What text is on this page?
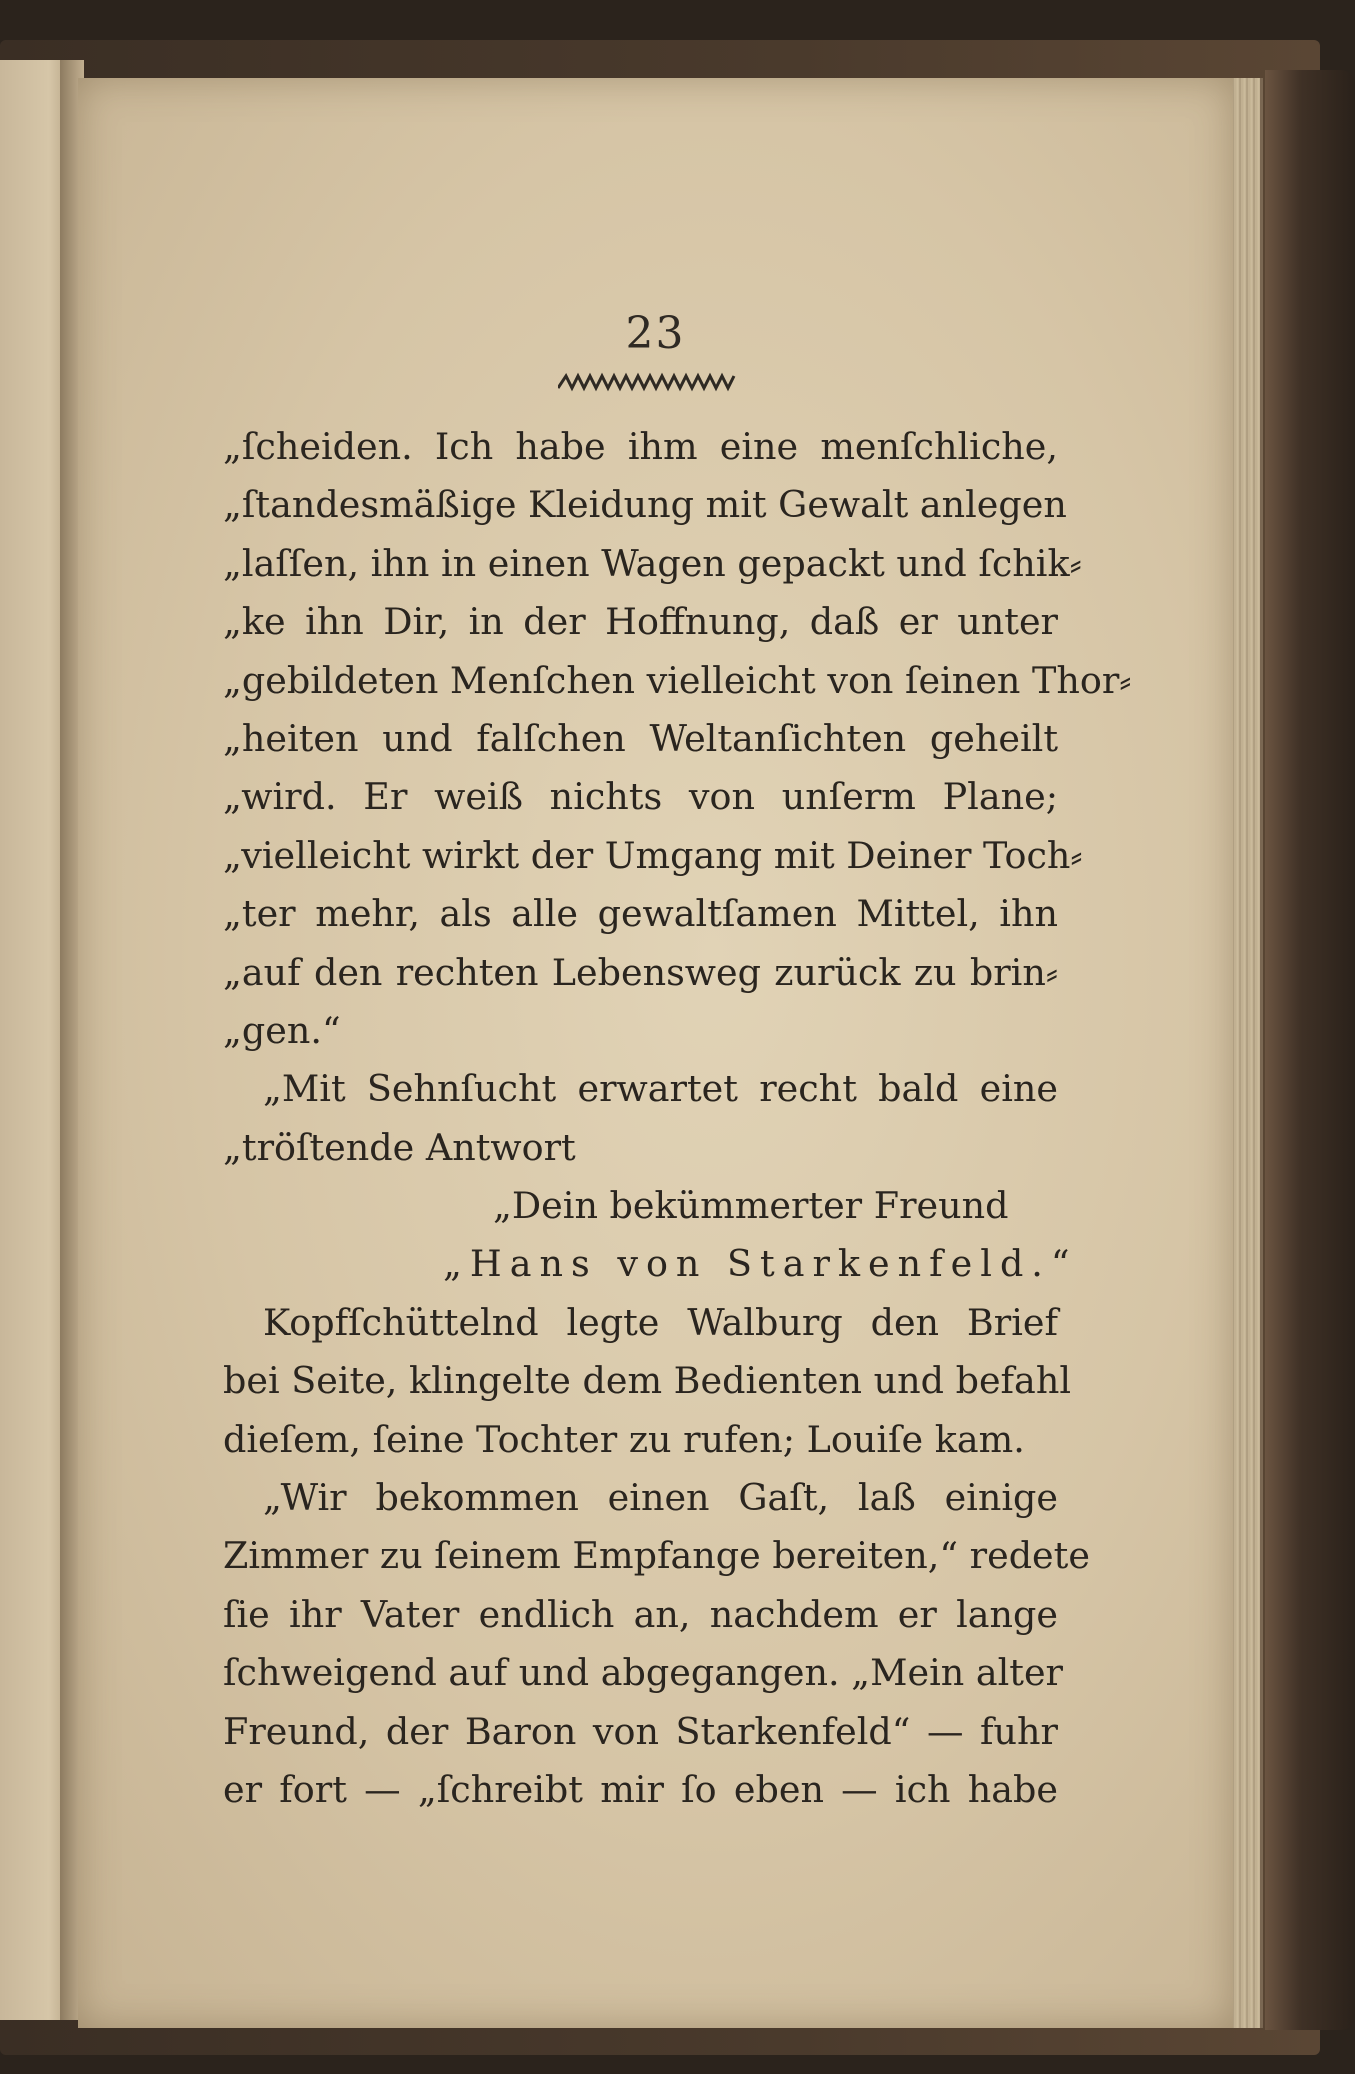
23
„ſcheiden. Ich habe ihm eine menſchliche,
„ſtandesmäßige Kleidung mit Gewalt anlegen
„laſſen, ihn in einen Wagen gepackt und ſchik⸗
„ke ihn Dir, in der Hoffnung, daß er unter
„gebildeten Menſchen vielleicht von ſeinen Thor⸗
„heiten und falſchen Weltanſichten geheilt
„wird. Er weiß nichts von unſerm Plane;
„vielleicht wirkt der Umgang mit Deiner Toch⸗
„ter mehr, als alle gewaltſamen Mittel, ihn
„auf den rechten Lebensweg zurück zu brin⸗
„gen.“
„Mit Sehnſucht erwartet recht bald eine
„tröſtende Antwort
„Dein bekümmerter Freund
„Hans von Starkenfeld.“
Kopfſchüttelnd legte Walburg den Brief
bei Seite, klingelte dem Bedienten und befahl
dieſem, ſeine Tochter zu rufen; Louiſe kam.
„Wir bekommen einen Gaſt, laß einige
Zimmer zu ſeinem Empfange bereiten,“ redete
ſie ihr Vater endlich an, nachdem er lange
ſchweigend auf und abgegangen. „Mein alter
Freund, der Baron von Starkenfeld“ — fuhr
er fort — „ſchreibt mir ſo eben — ich habe
